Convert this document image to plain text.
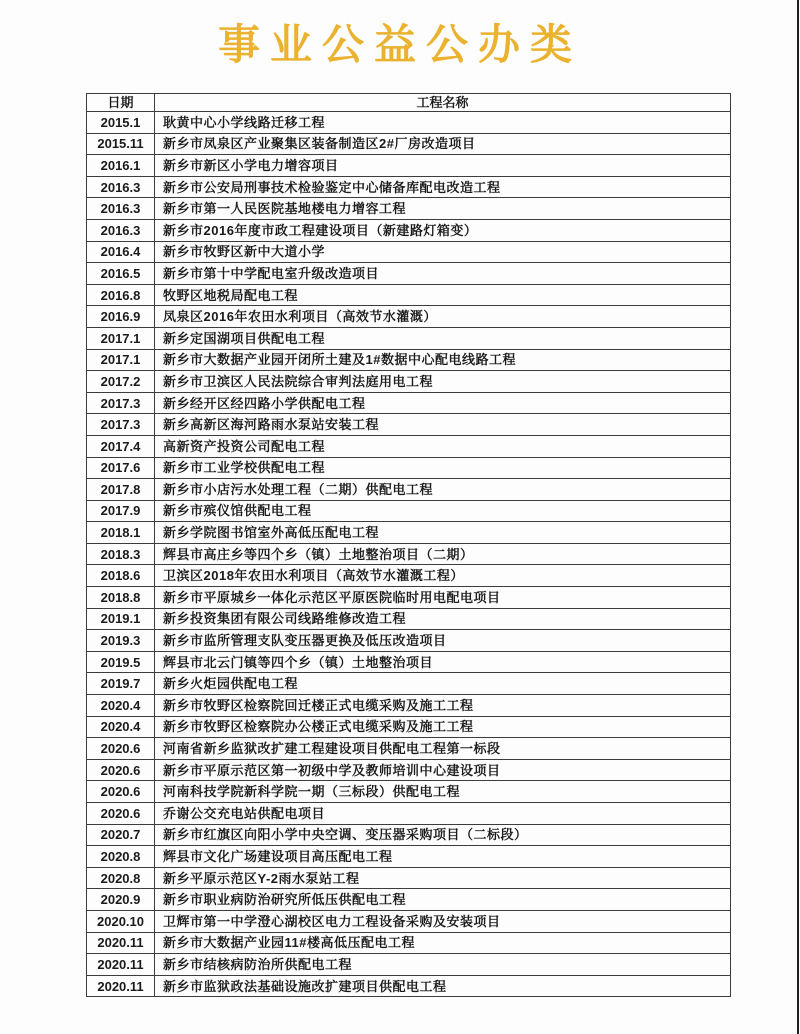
事业公益公办类
日期	工程名称
2015.1	耿黄中心小学线路迁移工程
2015.11	新乡市凤泉区产业聚集区装备制造区2#厂房改造项目
2016.1	新乡市新区小学电力增容项目
2016.3	新乡市公安局刑事技术检验鉴定中心储备库配电改造工程
2016.3	新乡市第一人民医院基地楼电力增容工程
2016.3	新乡市2016年度市政工程建设项目（新建路灯箱变）
2016.4	新乡市牧野区新中大道小学
2016.5	新乡市第十中学配电室升级改造项目
2016.8	牧野区地税局配电工程
2016.9	凤泉区2016年农田水利项目（高效节水灌溉）
2017.1	新乡定国湖项目供配电工程
2017.1	新乡市大数据产业园开闭所土建及1#数据中心配电线路工程
2017.2	新乡市卫滨区人民法院综合审判法庭用电工程
2017.3	新乡经开区经四路小学供配电工程
2017.3	新乡高新区海河路雨水泵站安装工程
2017.4	高新资产投资公司配电工程
2017.6	新乡市工业学校供配电工程
2017.8	新乡市小店污水处理工程（二期）供配电工程
2017.9	新乡市殡仪馆供配电工程
2018.1	新乡学院图书馆室外高低压配电工程
2018.3	辉县市高庄乡等四个乡（镇）土地整治项目（二期）
2018.6	卫滨区2018年农田水利项目（高效节水灌溉工程）
2018.8	新乡市平原城乡一体化示范区平原医院临时用电配电项目
2019.1	新乡投资集团有限公司线路维修改造工程
2019.3	新乡市监所管理支队变压器更换及低压改造项目
2019.5	辉县市北云门镇等四个乡（镇）土地整治项目
2019.7	新乡火炬园供配电工程
2020.4	新乡市牧野区检察院回迁楼正式电缆采购及施工工程
2020.4	新乡市牧野区检察院办公楼正式电缆采购及施工工程
2020.6	河南省新乡监狱改扩建工程建设项目供配电工程第一标段
2020.6	新乡市平原示范区第一初级中学及教师培训中心建设项目
2020.6	河南科技学院新科学院一期（三标段）供配电工程
2020.6	乔谢公交充电站供配电项目
2020.7	新乡市红旗区向阳小学中央空调、变压器采购项目（二标段）
2020.8	辉县市文化广场建设项目高压配电工程
2020.8	新乡平原示范区Y-2雨水泵站工程
2020.9	新乡市职业病防治研究所低压供配电工程
2020.10	卫辉市第一中学澄心湖校区电力工程设备采购及安装项目
2020.11	新乡市大数据产业园11#楼高低压配电工程
2020.11	新乡市结核病防治所供配电工程
2020.11	新乡市监狱政法基础设施改扩建项目供配电工程
